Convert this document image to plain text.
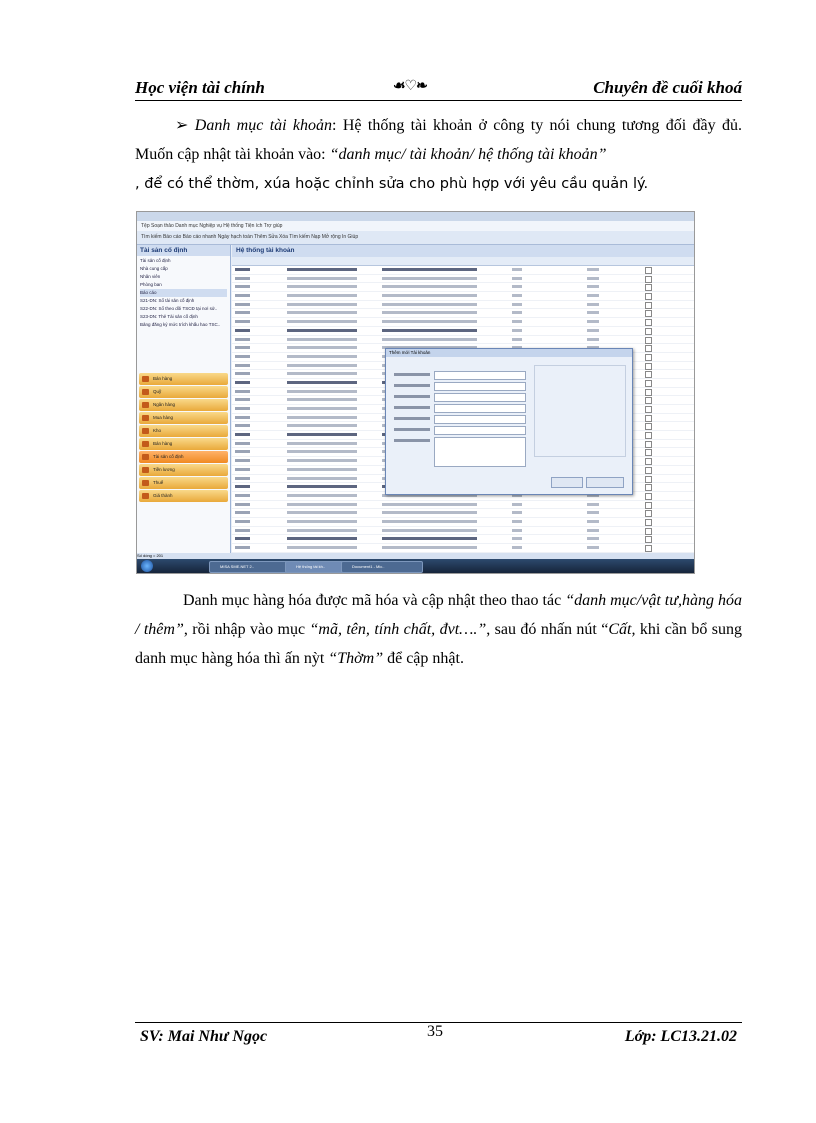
Học viện tài chính	☙♡❧	Chuyên đề cuối khoá
➢ Danh mục tài khoản: Hệ thống tài khoản ở công ty nói chung tương đối đầy đủ. Muốn cập nhật tài khoản vào: “danh mục/ tài khoản/ hệ thống tài khoản”
, để có thể thờm, xúa hoặc chỉnh sửa cho phù hợp với yêu cầu quản lý.
Tệp Soạn thảo Danh mục Nghiệp vụ Hệ thống Tiện ích Trợ giúp
Tìm kiếm Báo cáo Báo cáo nhanh Ngày hạch toán Thêm Sửa Xóa Tìm kiếm Nạp Mở rộng In Giúp
Tài sản cố định
Tài sản cố định
Nhà cung cấp
Nhân viên
Phòng ban
Báo cáo
S21-DN: Sổ tài sản cố định
S22-DN: Sổ theo dõi TSCĐ tại nơi sử..
S23-DN: Thẻ Tài sản cố định
Bảng đăng ký mức trích khấu hao TSC..
Bán hàng
Quỹ
Ngân hàng
Mua hàng
Kho
Bán hàng
Tài sản cố định
Tiền lương
Thuế
Giá thành
Hệ thống tài khoản
Thêm mới Tài khoản
Số dòng = 201
MISA SME.NET 2..	Hệ thống tài kh..	Document1 - Mic..
Danh mục hàng hóa được mã hóa và cập nhật theo thao tác “danh mục/vật tư,hàng hóa / thêm”, rồi nhập vào mục “mã, tên, tính chất, đvt….”, sau đó nhấn nút “Cất, khi cần bổ sung danh mục hàng hóa thì ấn nỳt “Thờm” để cập nhật.
SV: Mai Như Ngọc	35	Lớp: LC13.21.02
